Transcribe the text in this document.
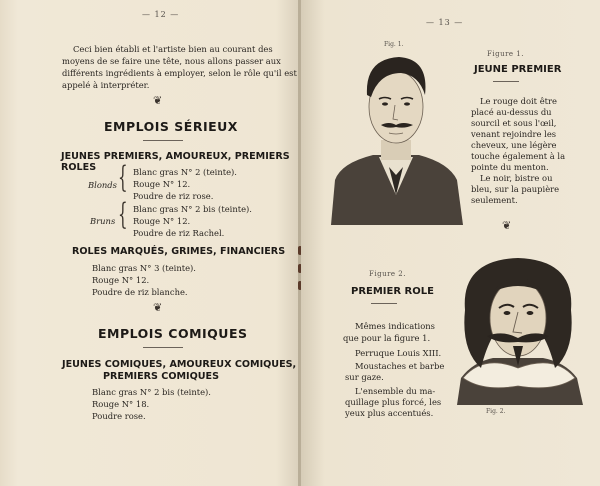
— 12 —
Ceci bien établi et l'artiste bien au courant des
moyens de se faire une tête, nous allons passer aux
différents ingrédients à employer, selon le rôle qu'il est
appelé à interpréter.
❦
EMPLOIS SÉRIEUX
JEUNES PREMIERS, AMOUREUX, PREMIERS ROLES
Blonds { Blanc gras N° 2 (teinte).
Rouge N° 12.
Poudre de riz rose.
Bruns { Blanc gras N° 2 bis (teinte).
Rouge N° 12.
Poudre de riz Rachel.
ROLES MARQUÉS, GRIMES, FINANCIERS
Blanc gras N° 3 (teinte).
Rouge N° 12.
Poudre de riz blanche.
❦
EMPLOIS COMIQUES
JEUNES COMIQUES, AMOUREUX COMIQUES,
PREMIERS COMIQUES
Blanc gras N° 2 bis (teinte).
Rouge N° 18.
Poudre rose.
— 13 —
Fig. 1.
Figure 1.
JEUNE PREMIER
Le rouge doit être
placé au-dessus du
sourcil et sous l'œil,
venant rejoindre les
cheveux, une légère
touche également à la
pointe du menton.
Le noir, bistre ou
bleu, sur la paupière
seulement.
❦
Figure 2.
PREMIER ROLE
Mêmes indications
que pour la figure 1.
Perruque Louis XIII.
Moustaches et barbe
sur gaze.
L'ensemble du ma-
quillage plus forcé, les
yeux plus accentués.	Fig. 2.
